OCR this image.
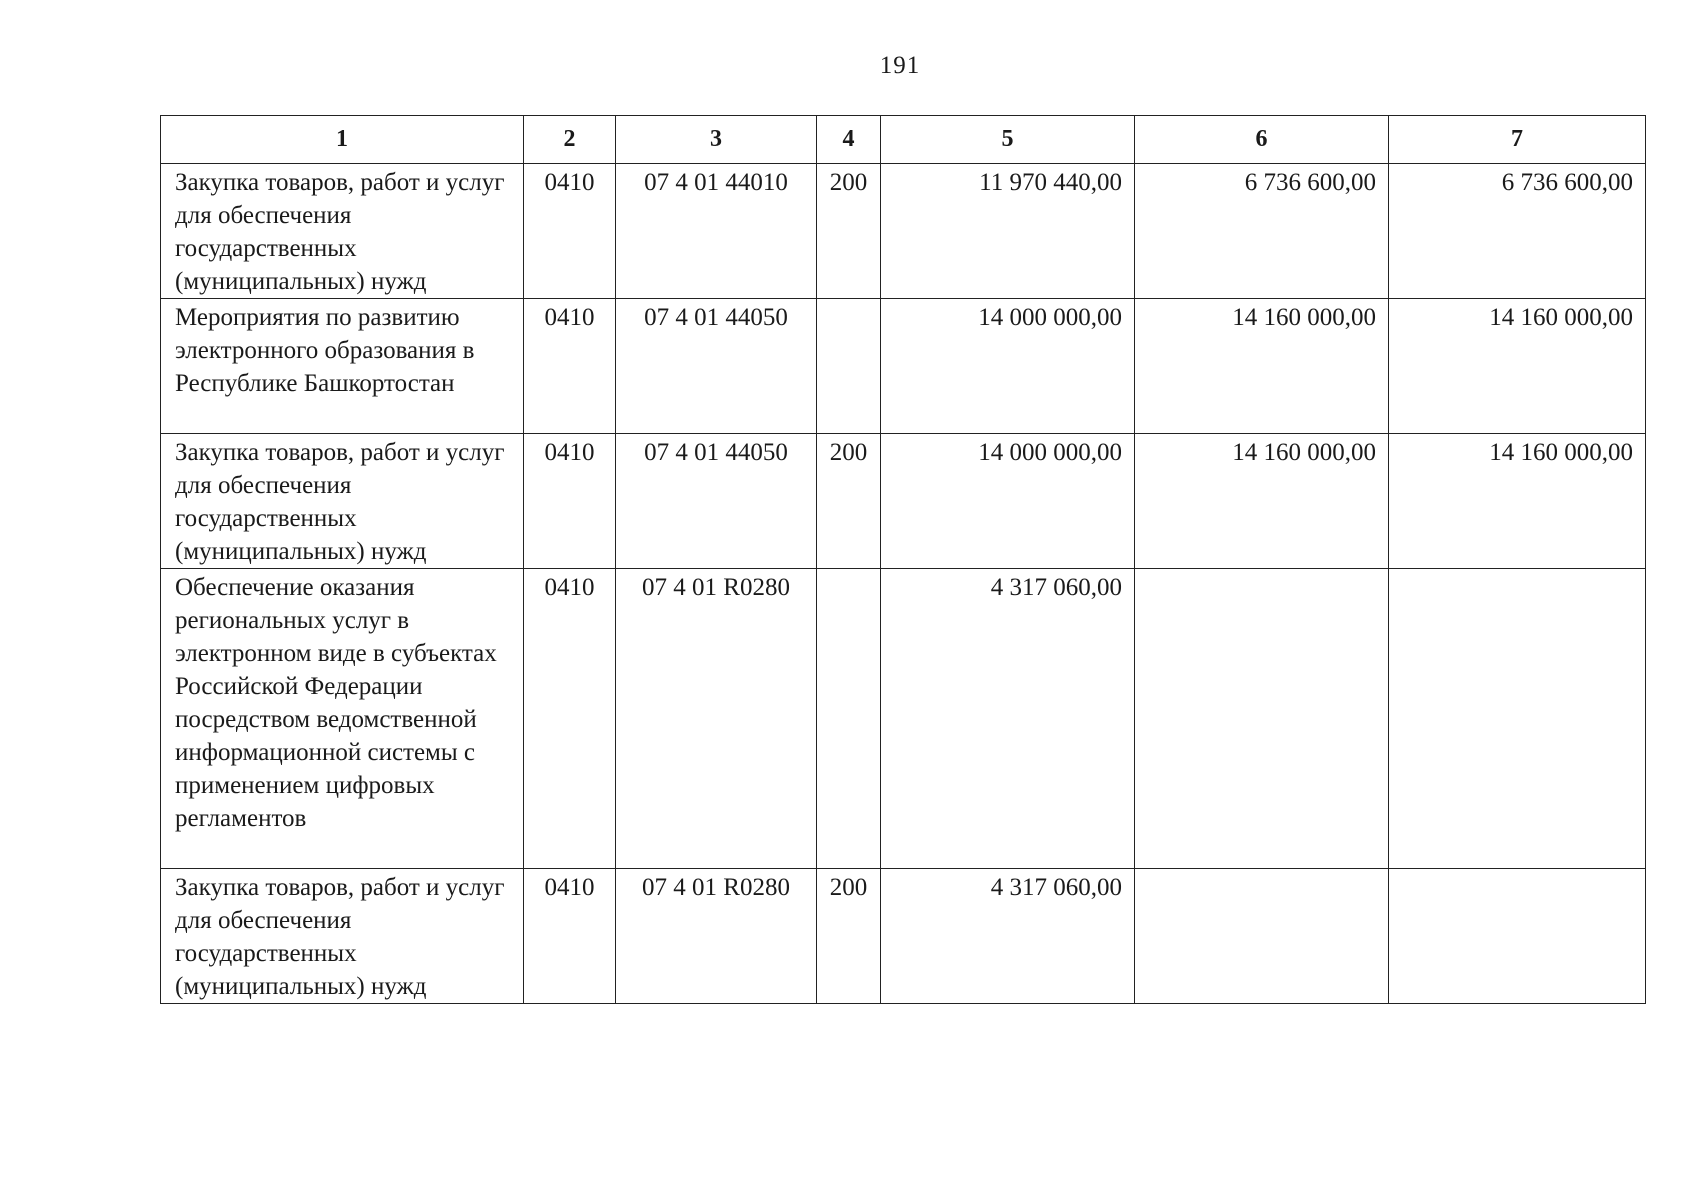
191
1	2	3	4	5	6	7
Закупка товаров, работ и услуг для обеспечения государственных (муниципальных) нужд	0410	07 4 01 44010	200	11 970 440,00	6 736 600,00	6 736 600,00
Мероприятия по развитию электронного образования в Республике Башкортостан	0410	07 4 01 44050		14 000 000,00	14 160 000,00	14 160 000,00
Закупка товаров, работ и услуг для обеспечения государственных (муниципальных) нужд	0410	07 4 01 44050	200	14 000 000,00	14 160 000,00	14 160 000,00
Обеспечение оказания региональных услуг в электронном виде в субъектах Российской Федерации посредством ведомственной информационной системы с применением цифровых регламентов	0410	07 4 01 R0280		4 317 060,00		
Закупка товаров, работ и услуг для обеспечения государственных (муниципальных) нужд	0410	07 4 01 R0280	200	4 317 060,00		
